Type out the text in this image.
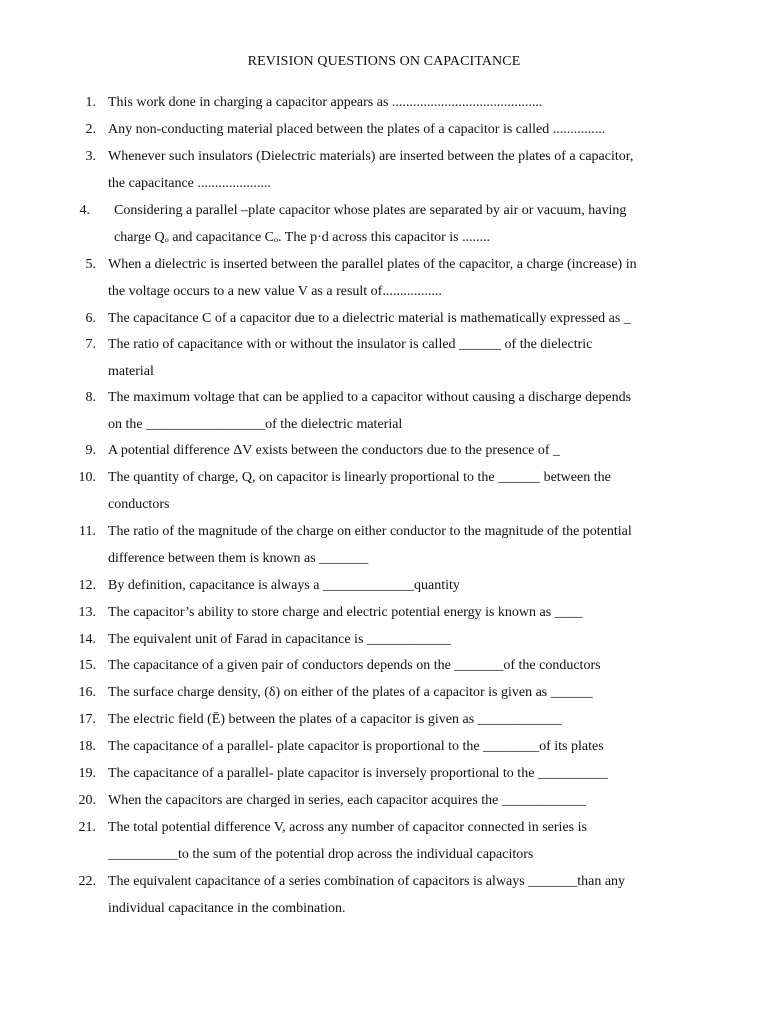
REVISION QUESTIONS ON CAPACITANCE
1. This work done in charging a capacitor appears as ...........................................
2. Any non-conducting material placed between the plates of a capacitor is called ...............
3. Whenever such insulators (Dielectric materials) are inserted between the plates of a capacitor,
the capacitance .....................
4. Considering a parallel –plate capacitor whose plates are separated by air or vacuum, having
charge Qₒ and capacitance Cₒ. The p·d across this capacitor is ........
5. When a dielectric is inserted between the parallel plates of the capacitor, a charge (increase) in
the voltage occurs to a new value V as a result of.................
6. The capacitance C of a capacitor due to a dielectric material is mathematically expressed as _
7. The ratio of capacitance with or without the insulator is called ______ of the dielectric
material
8. The maximum voltage that can be applied to a capacitor without causing a discharge depends
on the _________________of the dielectric material
9. A potential difference ΔV exists between the conductors due to the presence of _
10. The quantity of charge, Q, on capacitor is linearly proportional to the ______ between the
conductors
11. The ratio of the magnitude of the charge on either conductor to the magnitude of the potential
difference between them is known as _______
12. By definition, capacitance is always a _____________quantity
13. The capacitor’s ability to store charge and electric potential energy is known as ____
14. The equivalent unit of Farad in capacitance is ____________
15. The capacitance of a given pair of conductors depends on the _______of the conductors
16. The surface charge density, (δ) on either of the plates of a capacitor is given as ______
17. The electric field (Ē) between the plates of a capacitor is given as ____________
18. The capacitance of a parallel- plate capacitor is proportional to the ________of its plates
19. The capacitance of a parallel- plate capacitor is inversely proportional to the __________
20. When the capacitors are charged in series, each capacitor acquires the ____________
21. The total potential difference V, across any number of capacitor connected in series is
__________to the sum of the potential drop across the individual capacitors
22. The equivalent capacitance of a series combination of capacitors is always _______than any
individual capacitance in the combination.
